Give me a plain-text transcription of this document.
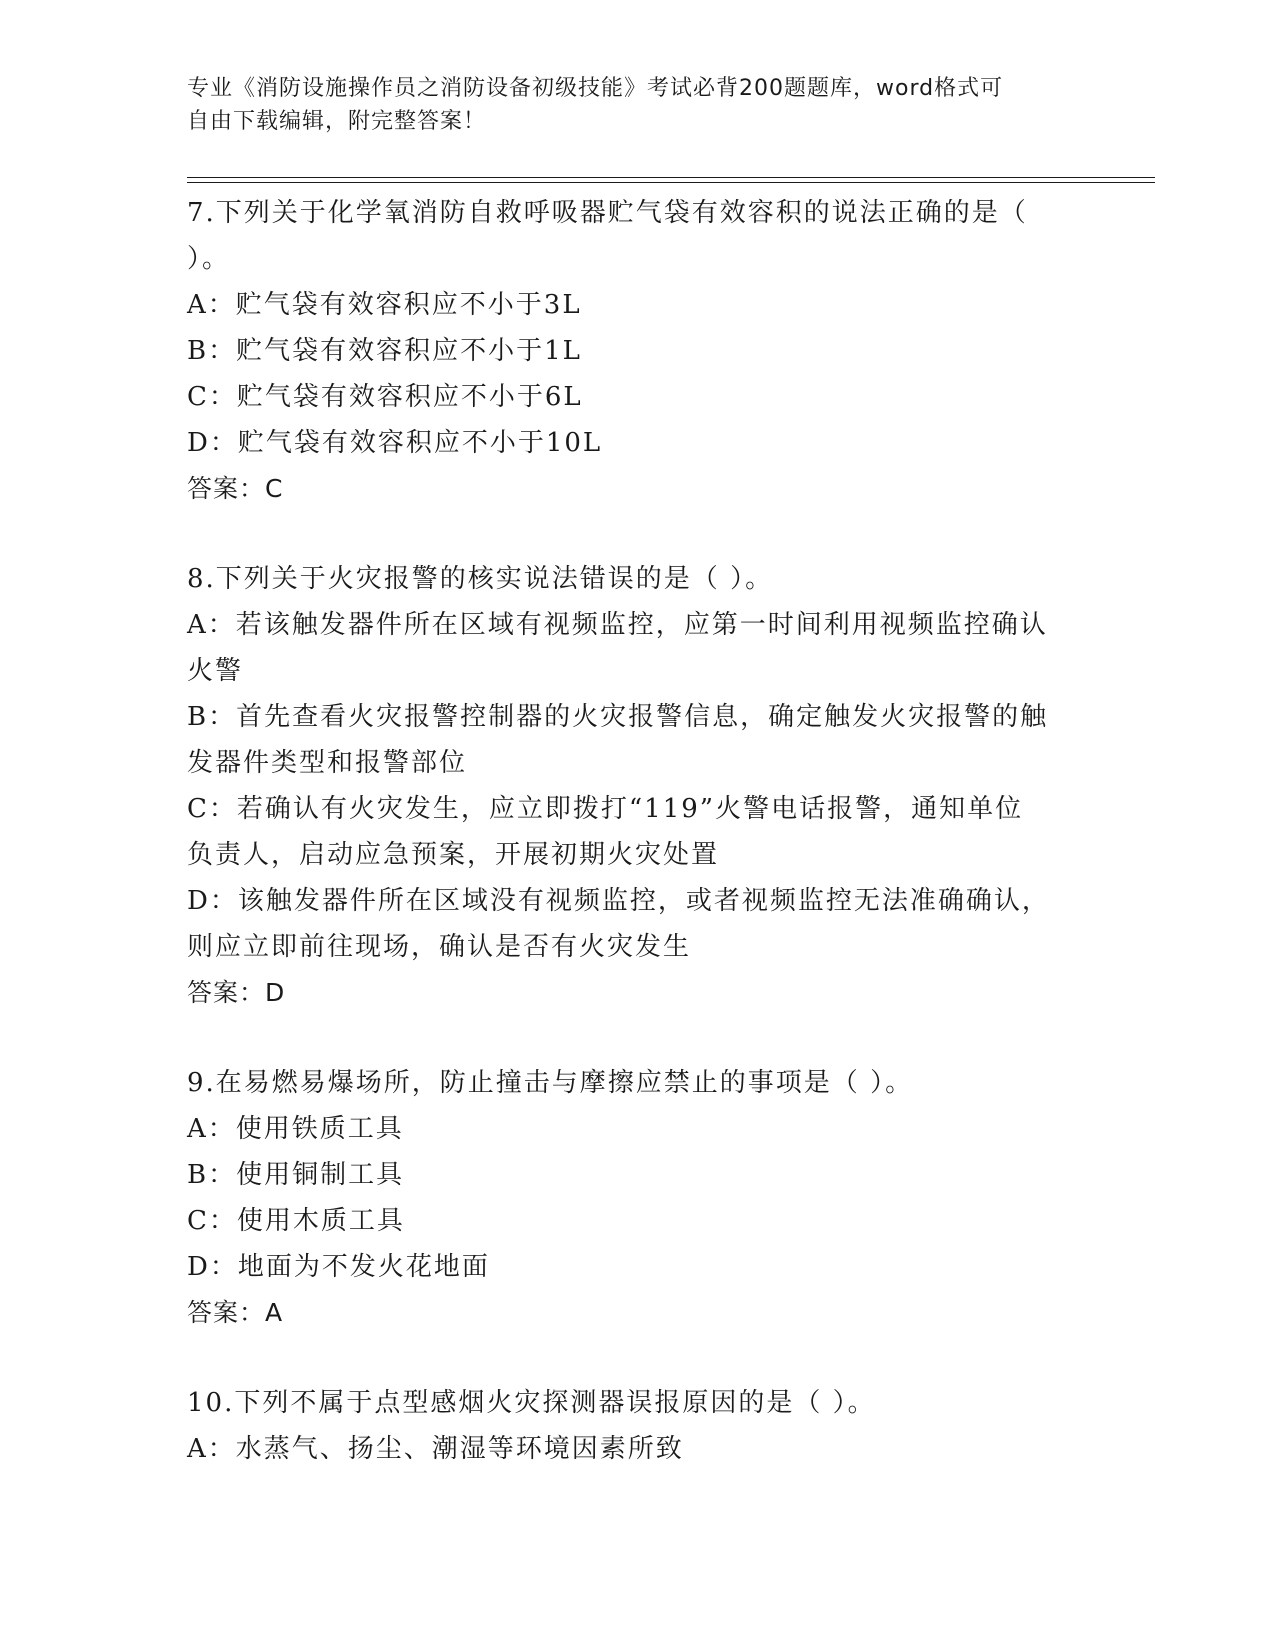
专业《消防设施操作员之消防设备初级技能》考试必背200题题库，word格式可
自由下载编辑，附完整答案！
7.下列关于化学氧消防自救呼吸器贮气袋有效容积的说法正确的是（
）。
A：贮气袋有效容积应不小于3L
B：贮气袋有效容积应不小于1L
C：贮气袋有效容积应不小于6L
D：贮气袋有效容积应不小于10L
答案：C
8.下列关于火灾报警的核实说法错误的是（ ）。
A：若该触发器件所在区域有视频监控，应第一时间利用视频监控确认
火警
B：首先查看火灾报警控制器的火灾报警信息，确定触发火灾报警的触
发器件类型和报警部位
C：若确认有火灾发生，应立即拨打“119”火警电话报警，通知单位
负责人，启动应急预案，开展初期火灾处置
D：该触发器件所在区域没有视频监控，或者视频监控无法准确确认，
则应立即前往现场，确认是否有火灾发生
答案：D
9.在易燃易爆场所，防止撞击与摩擦应禁止的事项是（ ）。
A：使用铁质工具
B：使用铜制工具
C：使用木质工具
D：地面为不发火花地面
答案：A
10.下列不属于点型感烟火灾探测器误报原因的是（ ）。
A：水蒸气、扬尘、潮湿等环境因素所致
